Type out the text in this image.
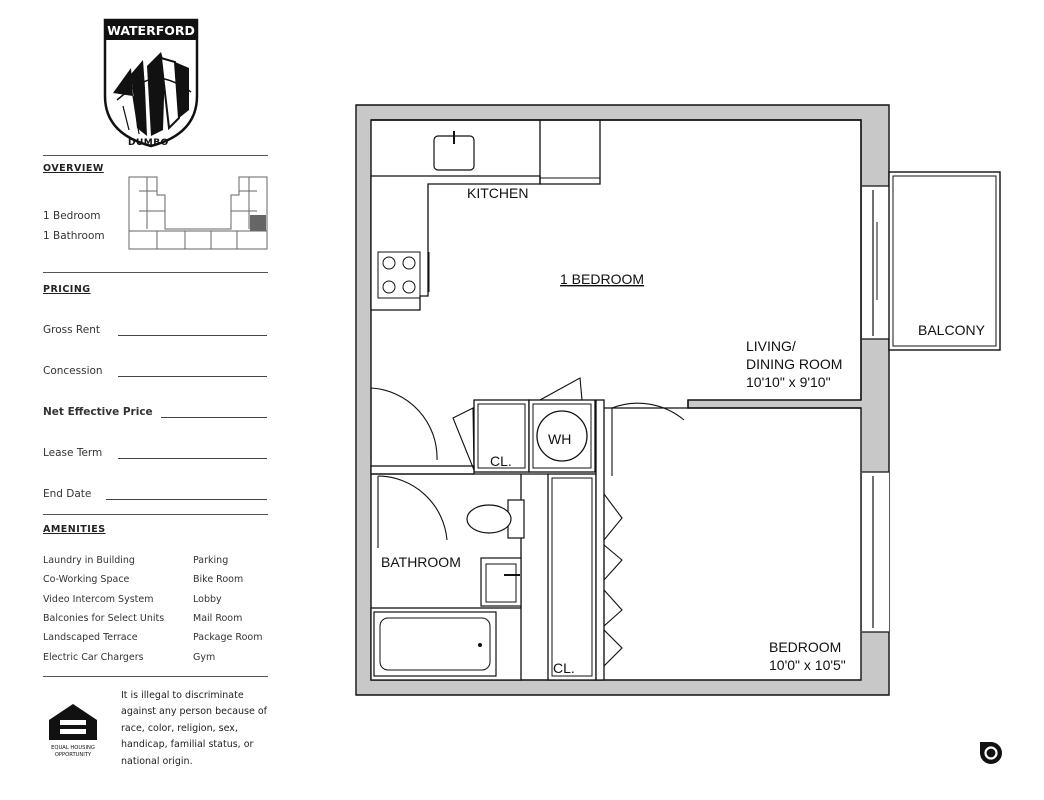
WATERFORD
DUMBO
OVERVIEW
1 Bedroom
1 Bathroom
PRICING
Gross Rent
Concession
Net Effective Price
Lease Term
End Date
AMENITIES
Laundry in Building
Co-Working Space
Video Intercom System
Balconies for Select Units
Landscaped Terrace
Electric Car Chargers
Parking
Bike Room
Lobby
Mail Room
Package Room
Gym
EQUAL HOUSING
OPPORTUNITY
It is illegal to discriminate against any person because of race, color, religion, sex, handicap, familial status, or national origin.
KITCHEN
1 BEDROOM
LIVING/
DINING ROOM
10'10" x 9'10"
BALCONY
CL.
WH
BATHROOM
CL.
BEDROOM
10'0" x 10'5"
